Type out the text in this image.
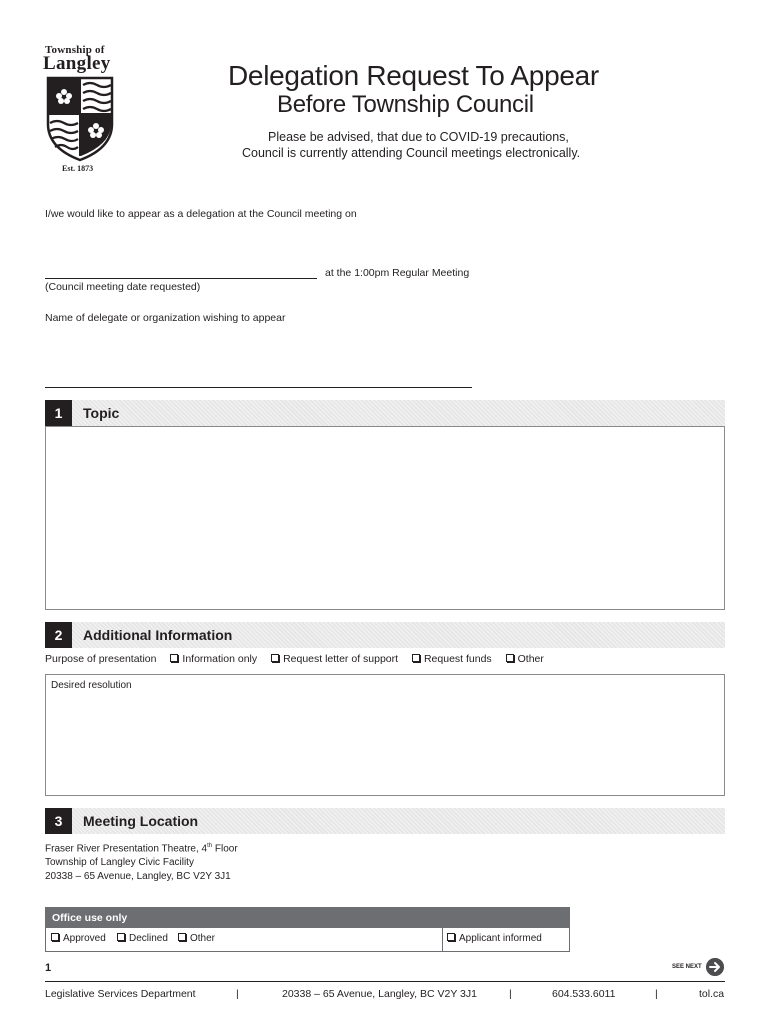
Township of
Langley
Est. 1873
Delegation Request To Appear
Before Township Council
Please be advised, that due to COVID-19 precautions,
Council is currently attending Council meetings electronically.
I/we would like to appear as a delegation at the Council meeting on
at the 1:00pm Regular Meeting
(Council meeting date requested)
Name of delegate or organization wishing to appear
1	Topic
2	Additional Information
Purpose of presentation Information only Request letter of support Request funds Other
Desired resolution
3	Meeting Location
Fraser River Presentation Theatre, 4th Floor
Township of Langley Civic Facility
20338 – 65 Avenue, Langley, BC V2Y 3J1
Office use only
Approved	Declined	Other	Applicant informed
1	SEE NEXT
Legislative Services Department	|	20338 – 65 Avenue, Langley, BC V2Y 3J1	|	604.533.6011	|	tol.ca
